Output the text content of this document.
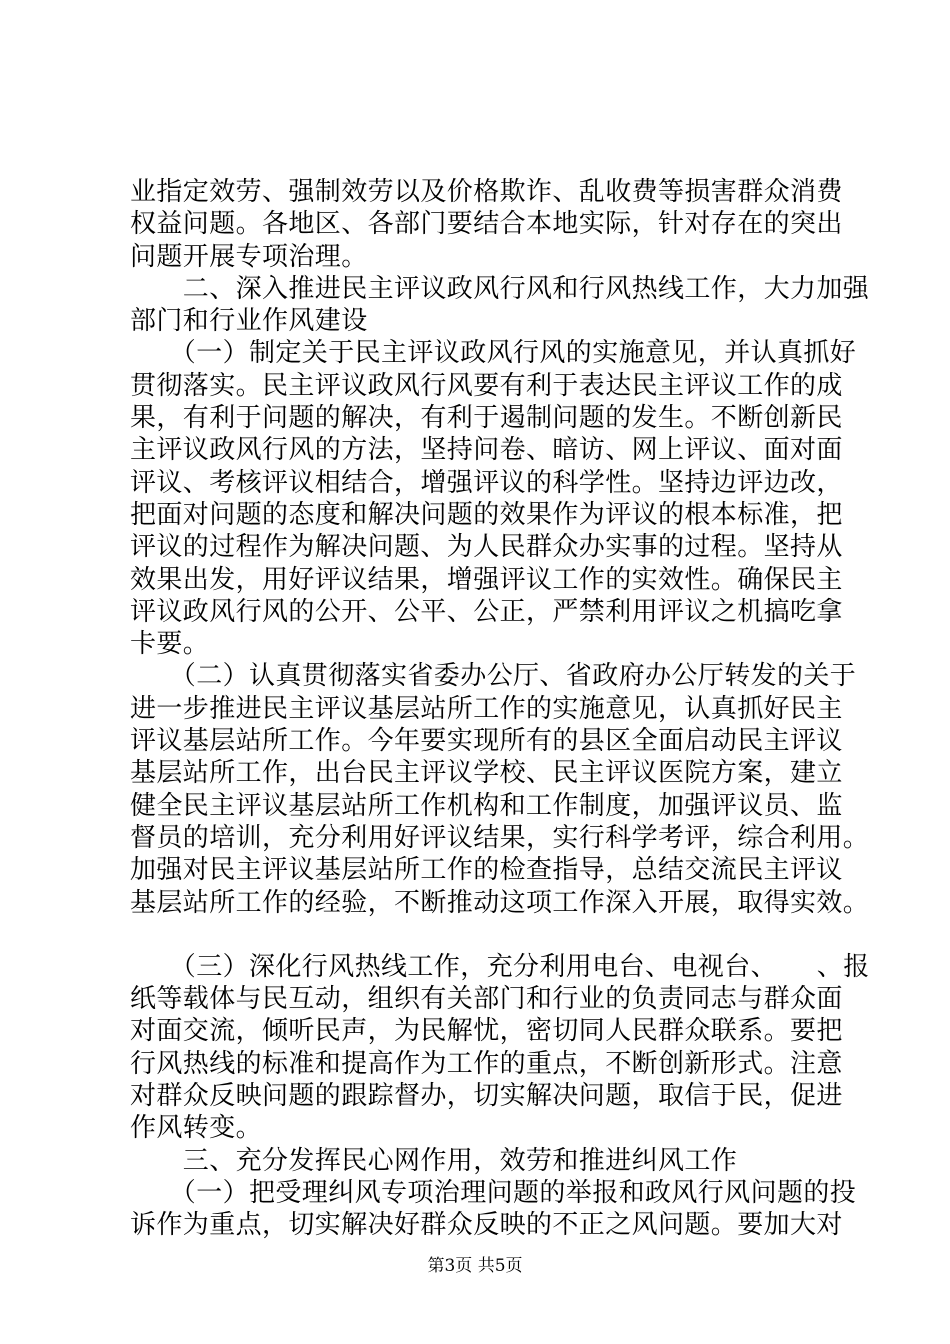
业指定效劳、强制效劳以及价格欺诈、乱收费等损害群众消费
权益问题。各地区、各部门要结合本地实际，针对存在的突出
问题开展专项治理。
　　二、深入推进民主评议政风行风和行风热线工作，大力加强
部门和行业作风建设
　　（一）制定关于民主评议政风行风的实施意见，并认真抓好
贯彻落实。民主评议政风行风要有利于表达民主评议工作的成
果，有利于问题的解决，有利于遏制问题的发生。不断创新民
主评议政风行风的方法，坚持问卷、暗访、网上评议、面对面
评议、考核评议相结合，增强评议的科学性。坚持边评边改，
把面对问题的态度和解决问题的效果作为评议的根本标准，把
评议的过程作为解决问题、为人民群众办实事的过程。坚持从
效果出发，用好评议结果，增强评议工作的实效性。确保民主
评议政风行风的公开、公平、公正，严禁利用评议之机搞吃拿
卡要。
　　（二）认真贯彻落实省委办公厅、省政府办公厅转发的关于
进一步推进民主评议基层站所工作的实施意见，认真抓好民主
评议基层站所工作。今年要实现所有的县区全面启动民主评议
基层站所工作，出台民主评议学校、民主评议医院方案，建立
健全民主评议基层站所工作机构和工作制度，加强评议员、监
督员的培训，充分利用好评议结果，实行科学考评，综合利用。
加强对民主评议基层站所工作的检查指导，总结交流民主评议
基层站所工作的经验，不断推动这项工作深入开展，取得实效。
　　（三）深化行风热线工作，充分利用电台、电视台、　　、报
纸等载体与民互动，组织有关部门和行业的负责同志与群众面
对面交流，倾听民声，为民解忧，密切同人民群众联系。要把
行风热线的标准和提高作为工作的重点，不断创新形式。注意
对群众反映问题的跟踪督办，切实解决问题，取信于民，促进
作风转变。
　　三、充分发挥民心网作用，效劳和推进纠风工作
　　（一）把受理纠风专项治理问题的举报和政风行风问题的投
诉作为重点，切实解决好群众反映的不正之风问题。要加大对
第3页 共5页
